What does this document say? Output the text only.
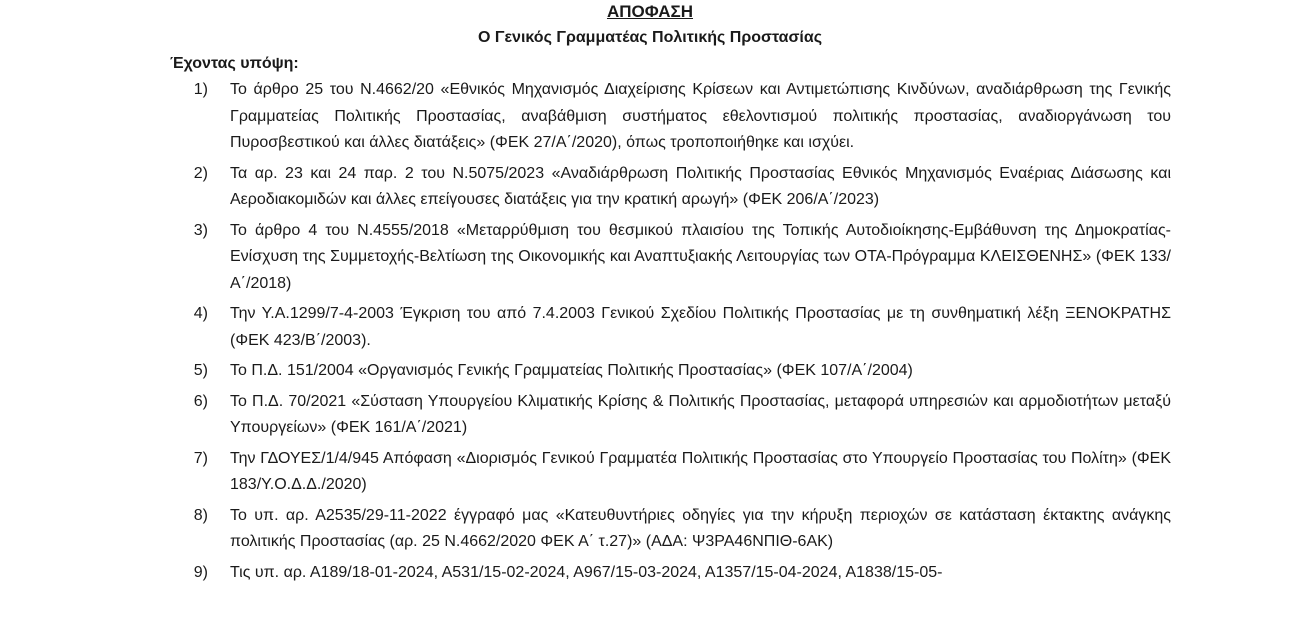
ΑΠΟΦΑΣΗ
Ο Γενικός Γραμματέας Πολιτικής Προστασίας
Έχοντας υπόψη:
1)	Το άρθρο 25 του Ν.4662/20 «Εθνικός Μηχανισμός Διαχείρισης Κρίσεων και Αντιμετώπισης Κινδύνων, αναδιάρθρωση της Γενικής Γραμματείας Πολιτικής Προστασίας, αναβάθμιση συστήματος εθελοντισμού πολιτικής προστασίας, αναδιοργάνωση του Πυροσβεστικού και άλλες διατάξεις» (ΦΕΚ 27/Α΄/2020), όπως τροποποιήθηκε και ισχύει.
2)	Τα αρ. 23 και 24 παρ. 2 του Ν.5075/2023 «Αναδιάρθρωση Πολιτικής Προστασίας Εθνικός Μηχανισμός Εναέριας Διάσωσης και Αεροδιακομιδών και άλλες επείγουσες διατάξεις για την κρατική αρωγή» (ΦΕΚ 206/Α΄/2023)
3)	Το άρθρο 4 του Ν.4555/2018 «Μεταρρύθμιση του θεσμικού πλαισίου της Τοπικής Αυτοδιοίκησης-Εμβάθυνση της Δημοκρατίας-Ενίσχυση της Συμμετοχής-Βελτίωση της Οικονομικής και Αναπτυξιακής Λειτουργίας των ΟΤΑ-Πρόγραμμα ΚΛΕΙΣΘΕΝΗΣ» (ΦΕΚ 133/Α΄/2018)
4)	Την Υ.Α.1299/7-4-2003 Έγκριση του από 7.4.2003 Γενικού Σχεδίου Πολιτικής Προστασίας με τη συνθηματική λέξη ΞΕΝΟΚΡΑΤΗΣ (ΦΕΚ 423/Β΄/2003).
5)	Το Π.Δ. 151/2004 «Οργανισμός Γενικής Γραμματείας Πολιτικής Προστασίας» (ΦΕΚ 107/Α΄/2004)
6)	Το Π.Δ. 70/2021 «Σύσταση Υπουργείου Κλιματικής Κρίσης & Πολιτικής Προστασίας, μεταφορά υπηρεσιών και αρμοδιοτήτων μεταξύ Υπουργείων» (ΦΕΚ 161/Α΄/2021)
7)	Την ΓΔΟΥΕΣ/1/4/945 Απόφαση «Διορισμός Γενικού Γραμματέα Πολιτικής Προστασίας στο Υπουργείο Προστασίας του Πολίτη» (ΦΕΚ 183/Υ.Ο.Δ.Δ./2020)
8)	Το υπ. αρ. Α2535/29-11-2022 έγγραφό μας «Κατευθυντήριες οδηγίες για την κήρυξη περιοχών σε κατάσταση έκτακτης ανάγκης πολιτικής Προστασίας (αρ. 25 Ν.4662/2020 ΦΕΚ Α΄ τ.27)» (ΑΔΑ: Ψ3ΡΑ46ΝΠΙΘ-6ΑΚ)
9)	Τις υπ. αρ. Α189/18-01-2024, Α531/15-02-2024, Α967/15-03-2024, Α1357/15-04-2024, Α1838/15-05-
